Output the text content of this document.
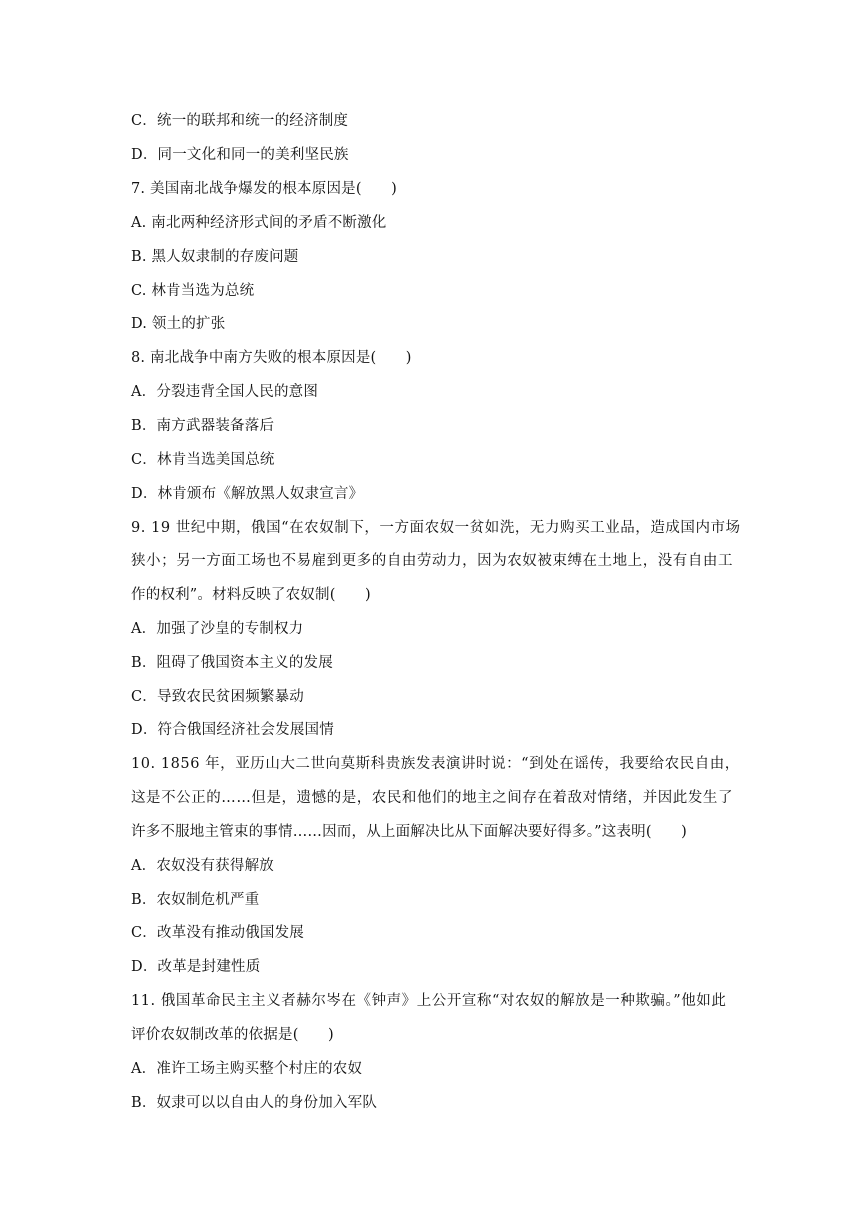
C．统一的联邦和统一的经济制度
D．同一文化和同一的美利坚民族
7. 美国南北战争爆发的根本原因是(　　)
A. 南北两种经济形式间的矛盾不断激化
B. 黑人奴隶制的存废问题
C. 林肯当选为总统
D. 领土的扩张
8. 南北战争中南方失败的根本原因是(　　)
A．分裂违背全国人民的意图
B．南方武器装备落后
C．林肯当选美国总统
D．林肯颁布《解放黑人奴隶宣言》
9. 19 世纪中期，俄国“在农奴制下，一方面农奴一贫如洗，无力购买工业品，造成国内市场
狭小；另一方面工场也不易雇到更多的自由劳动力，因为农奴被束缚在土地上，没有自由工
作的权利”。材料反映了农奴制(　　)
A．加强了沙皇的专制权力
B．阻碍了俄国资本主义的发展
C．导致农民贫困频繁暴动
D．符合俄国经济社会发展国情
10. 1856 年，亚历山大二世向莫斯科贵族发表演讲时说：“到处在谣传，我要给农民自由，
这是不公正的……但是，遗憾的是，农民和他们的地主之间存在着敌对情绪，并因此发生了
许多不服地主管束的事情……因而，从上面解决比从下面解决要好得多。”这表明(　　)
A．农奴没有获得解放
B．农奴制危机严重
C．改革没有推动俄国发展
D．改革是封建性质
11. 俄国革命民主主义者赫尔岑在《钟声》上公开宣称“对农奴的解放是一种欺骗。”他如此
评价农奴制改革的依据是(　　)
A．准许工场主购买整个村庄的农奴
B．奴隶可以以自由人的身份加入军队
